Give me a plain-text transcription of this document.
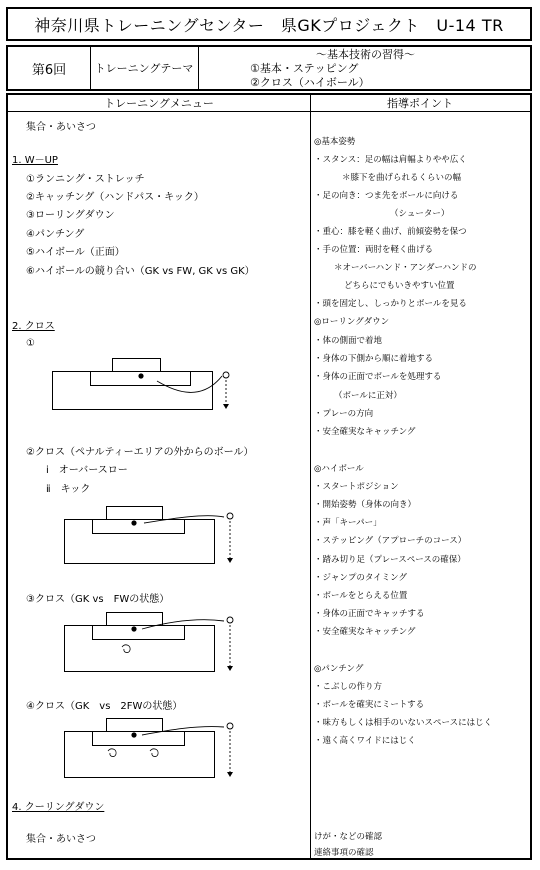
神奈川県トレーニングセンター　県GKプロジェクト　U-14 TR
第6回	トレーニングテーマ
～基本技術の習得～
①基本・ステッピング
②クロス（ハイボール）
トレーニングメニュー	指導ポイント
集合・あいさつ
1. W－UP
①ランニング・ストレッチ
②キャッチング（ハンドパス・キック）
③ローリングダウン
④パンチング
⑤ハイボール（正面）
⑥ハイボールの競り合い（GK vs FW, GK vs GK）
2. クロス
①
②クロス（ペナルティーエリアの外からのボール）
ⅰ　オーバースロー
ⅱ　キック
③クロス（GK vs　FWの状態）
④クロス（GK　vs　2FWの状態）
4. クーリングダウン
集合・あいさつ
◎基本姿勢
・スタンス：足の幅は肩幅よりやや広く
＊膝下を曲げられるくらいの幅
・足の向き：つま先をボールに向ける
（シューター）
・重心：膝を軽く曲げ、前傾姿勢を保つ
・手の位置：両肘を軽く曲げる
＊オーバーハンド・アンダーハンドの
どちらにでもいきやすい位置
・頭を固定し、しっかりとボールを見る
◎ローリングダウン
・体の側面で着地
・身体の下側から順に着地する
・身体の正面でボールを処理する
（ボールに正対）
・プレーの方向
・安全確実なキャッチング
◎ハイボール
・スタートポジション
・開始姿勢（身体の向き）
・声「キーパー」
・ステッピング（アプローチのコース）
・踏み切り足（プレースペースの確保）
・ジャンプのタイミング
・ボールをとらえる位置
・身体の正面でキャッチする
・安全確実なキャッチング
◎パンチング
・こぶしの作り方
・ボールを確実にミートする
・味方もしくは相手のいないスペースにはじく
・遠く高くワイドにはじく
けが・などの確認
連絡事項の確認
